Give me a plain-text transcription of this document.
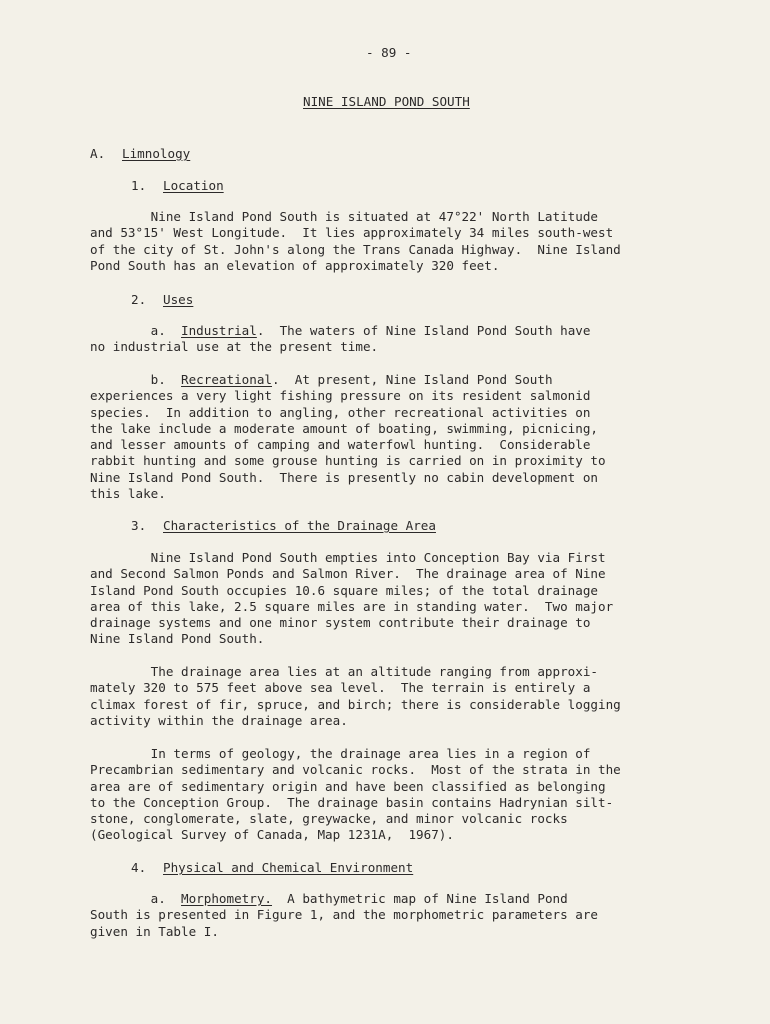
- 89 -
NINE ISLAND POND SOUTH
A. Limnology
1. Location
Nine Island Pond South is situated at 47°22' North Latitude
and 53°15' West Longitude.  It lies approximately 34 miles south-west
of the city of St. John's along the Trans Canada Highway.  Nine Island
Pond South has an elevation of approximately 320 feet.
2. Uses
a. Industrial.  The waters of Nine Island Pond South have
no industrial use at the present time.
b. Recreational.  At present, Nine Island Pond South
experiences a very light fishing pressure on its resident salmonid
species.  In addition to angling, other recreational activities on
the lake include a moderate amount of boating, swimming, picnicing,
and lesser amounts of camping and waterfowl hunting.  Considerable
rabbit hunting and some grouse hunting is carried on in proximity to
Nine Island Pond South.  There is presently no cabin development on
this lake.
3. Characteristics of the Drainage Area
Nine Island Pond South empties into Conception Bay via First
and Second Salmon Ponds and Salmon River.  The drainage area of Nine
Island Pond South occupies 10.6 square miles; of the total drainage
area of this lake, 2.5 square miles are in standing water.  Two major
drainage systems and one minor system contribute their drainage to
Nine Island Pond South.
The drainage area lies at an altitude ranging from approxi-
mately 320 to 575 feet above sea level.  The terrain is entirely a
climax forest of fir, spruce, and birch; there is considerable logging
activity within the drainage area.
In terms of geology, the drainage area lies in a region of
Precambrian sedimentary and volcanic rocks.  Most of the strata in the
area are of sedimentary origin and have been classified as belonging
to the Conception Group.  The drainage basin contains Hadrynian silt-
stone, conglomerate, slate, greywacke, and minor volcanic rocks
(Geological Survey of Canada, Map 1231A,  1967).
4. Physical and Chemical Environment
a. Morphometry.  A bathymetric map of Nine Island Pond
South is presented in Figure 1, and the morphometric parameters are
given in Table I.
